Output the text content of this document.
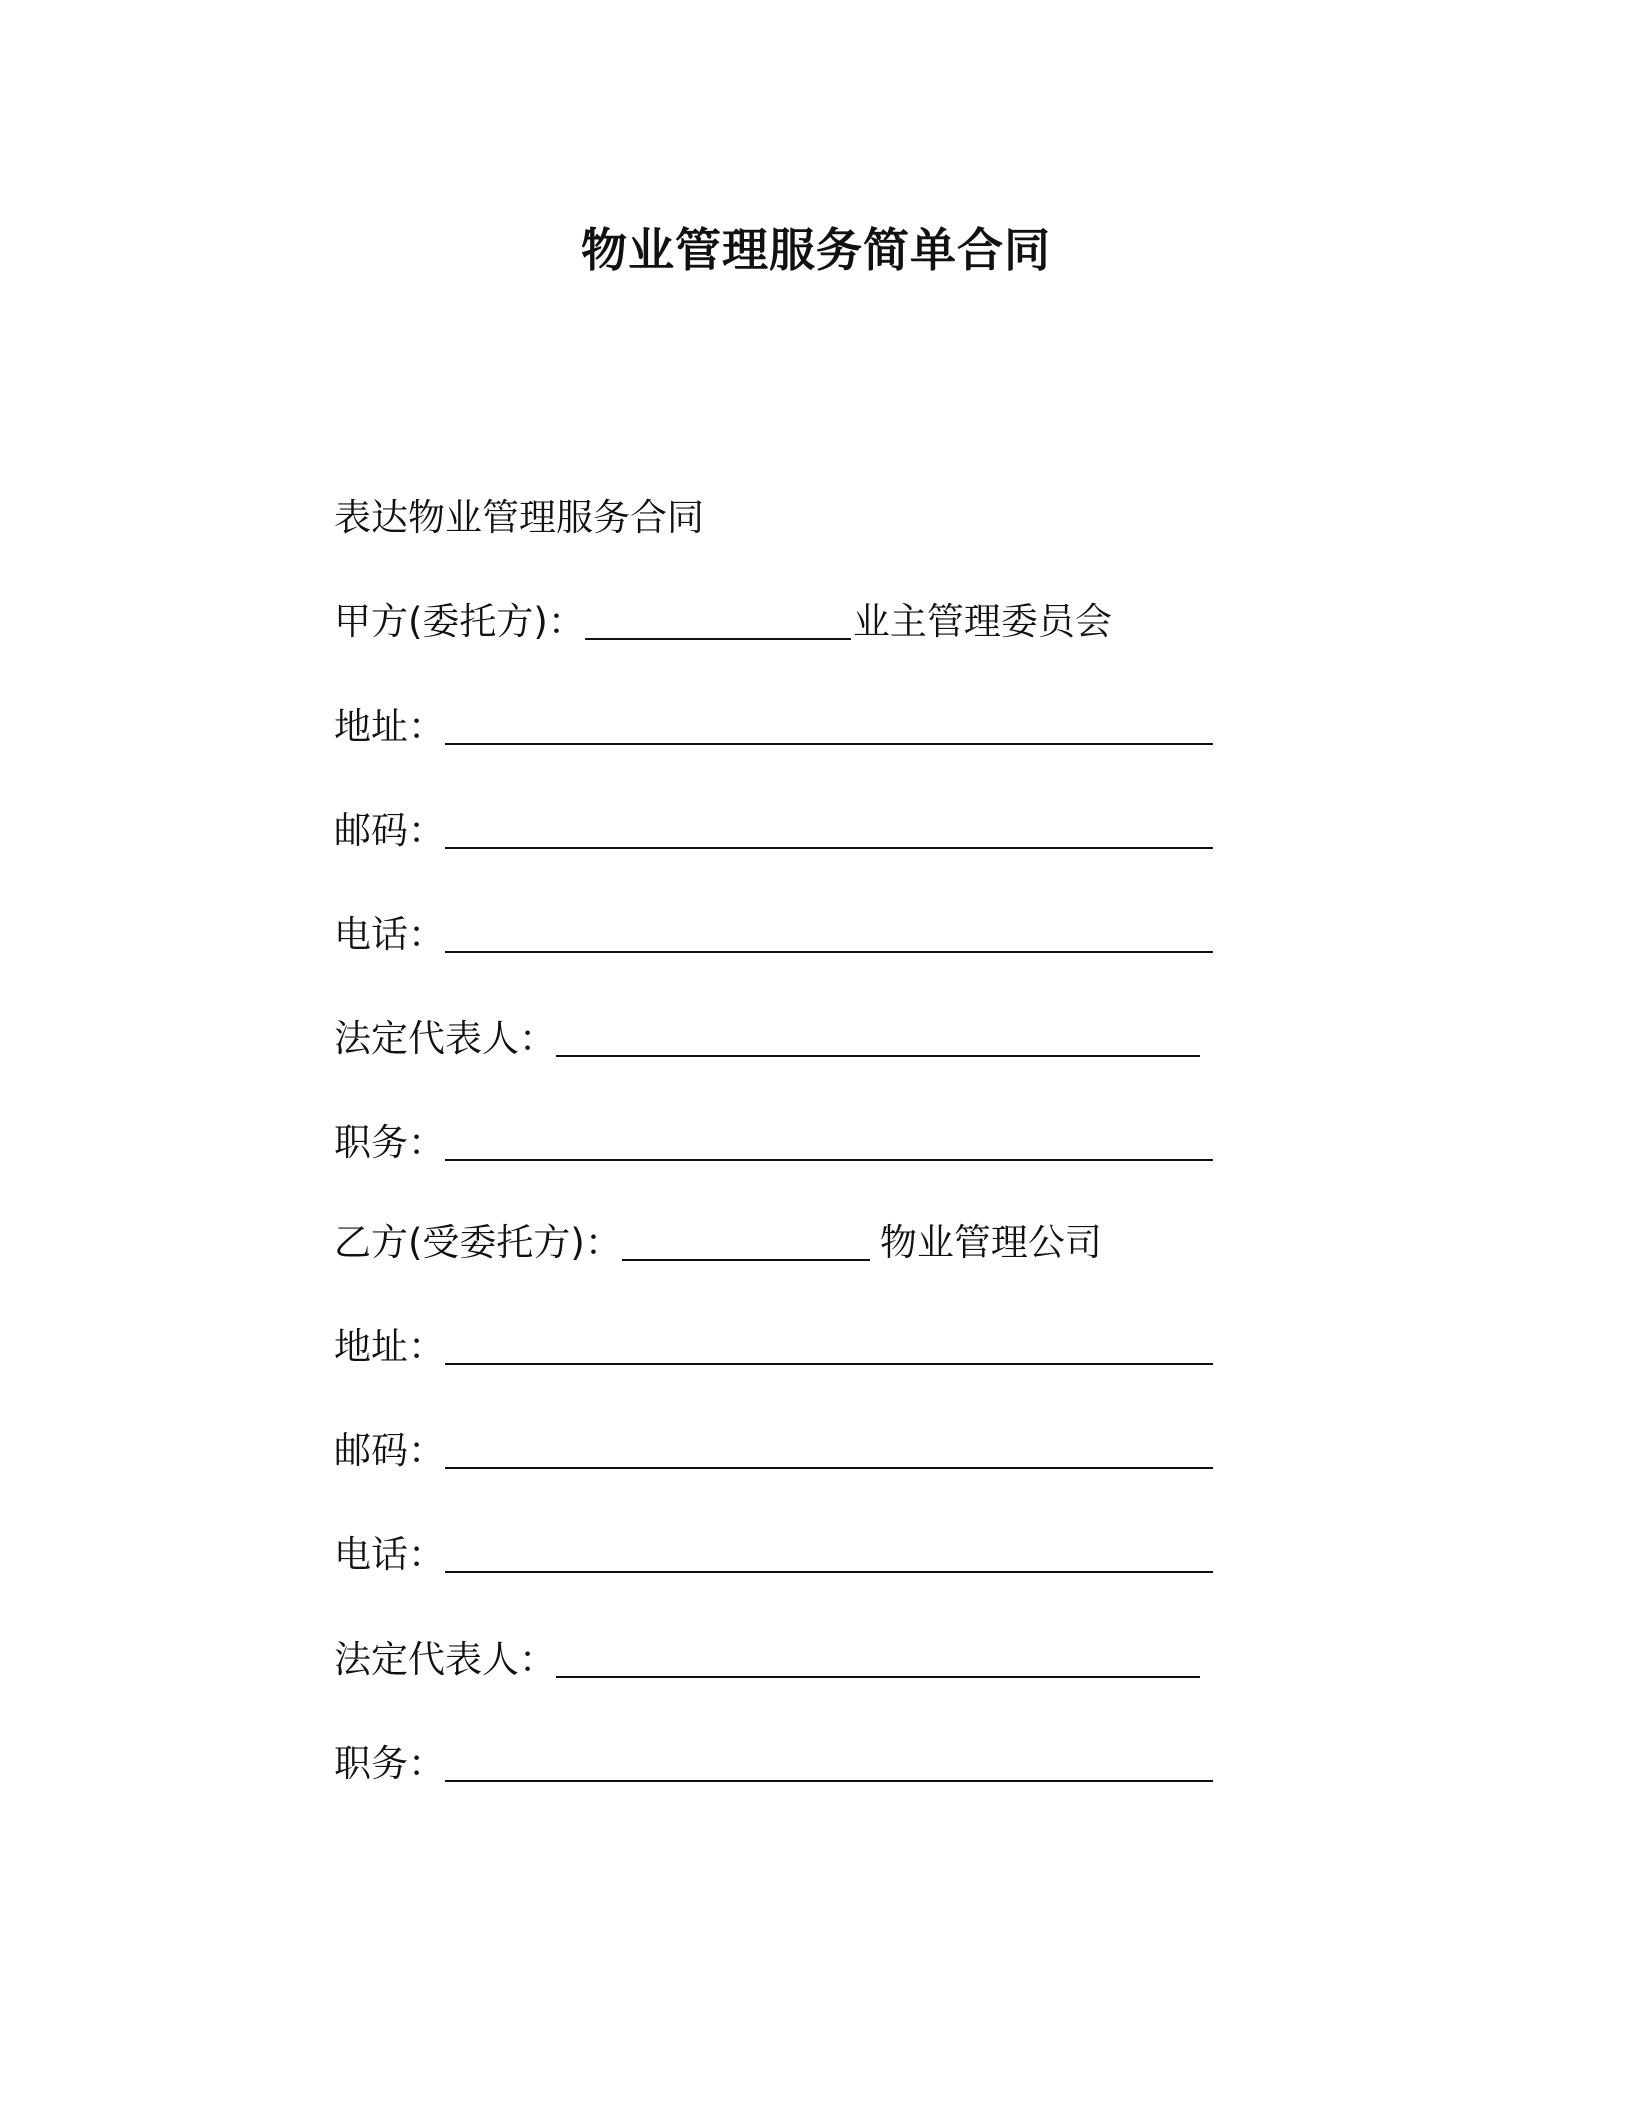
物业管理服务简单合同
表达物业管理服务合同
甲方(委托方)：	业主管理委员会
地址：
邮码：
电话：
法定代表人：
职务：
乙方(受委托方)：	物业管理公司
地址：
邮码：
电话：
法定代表人：
职务：
